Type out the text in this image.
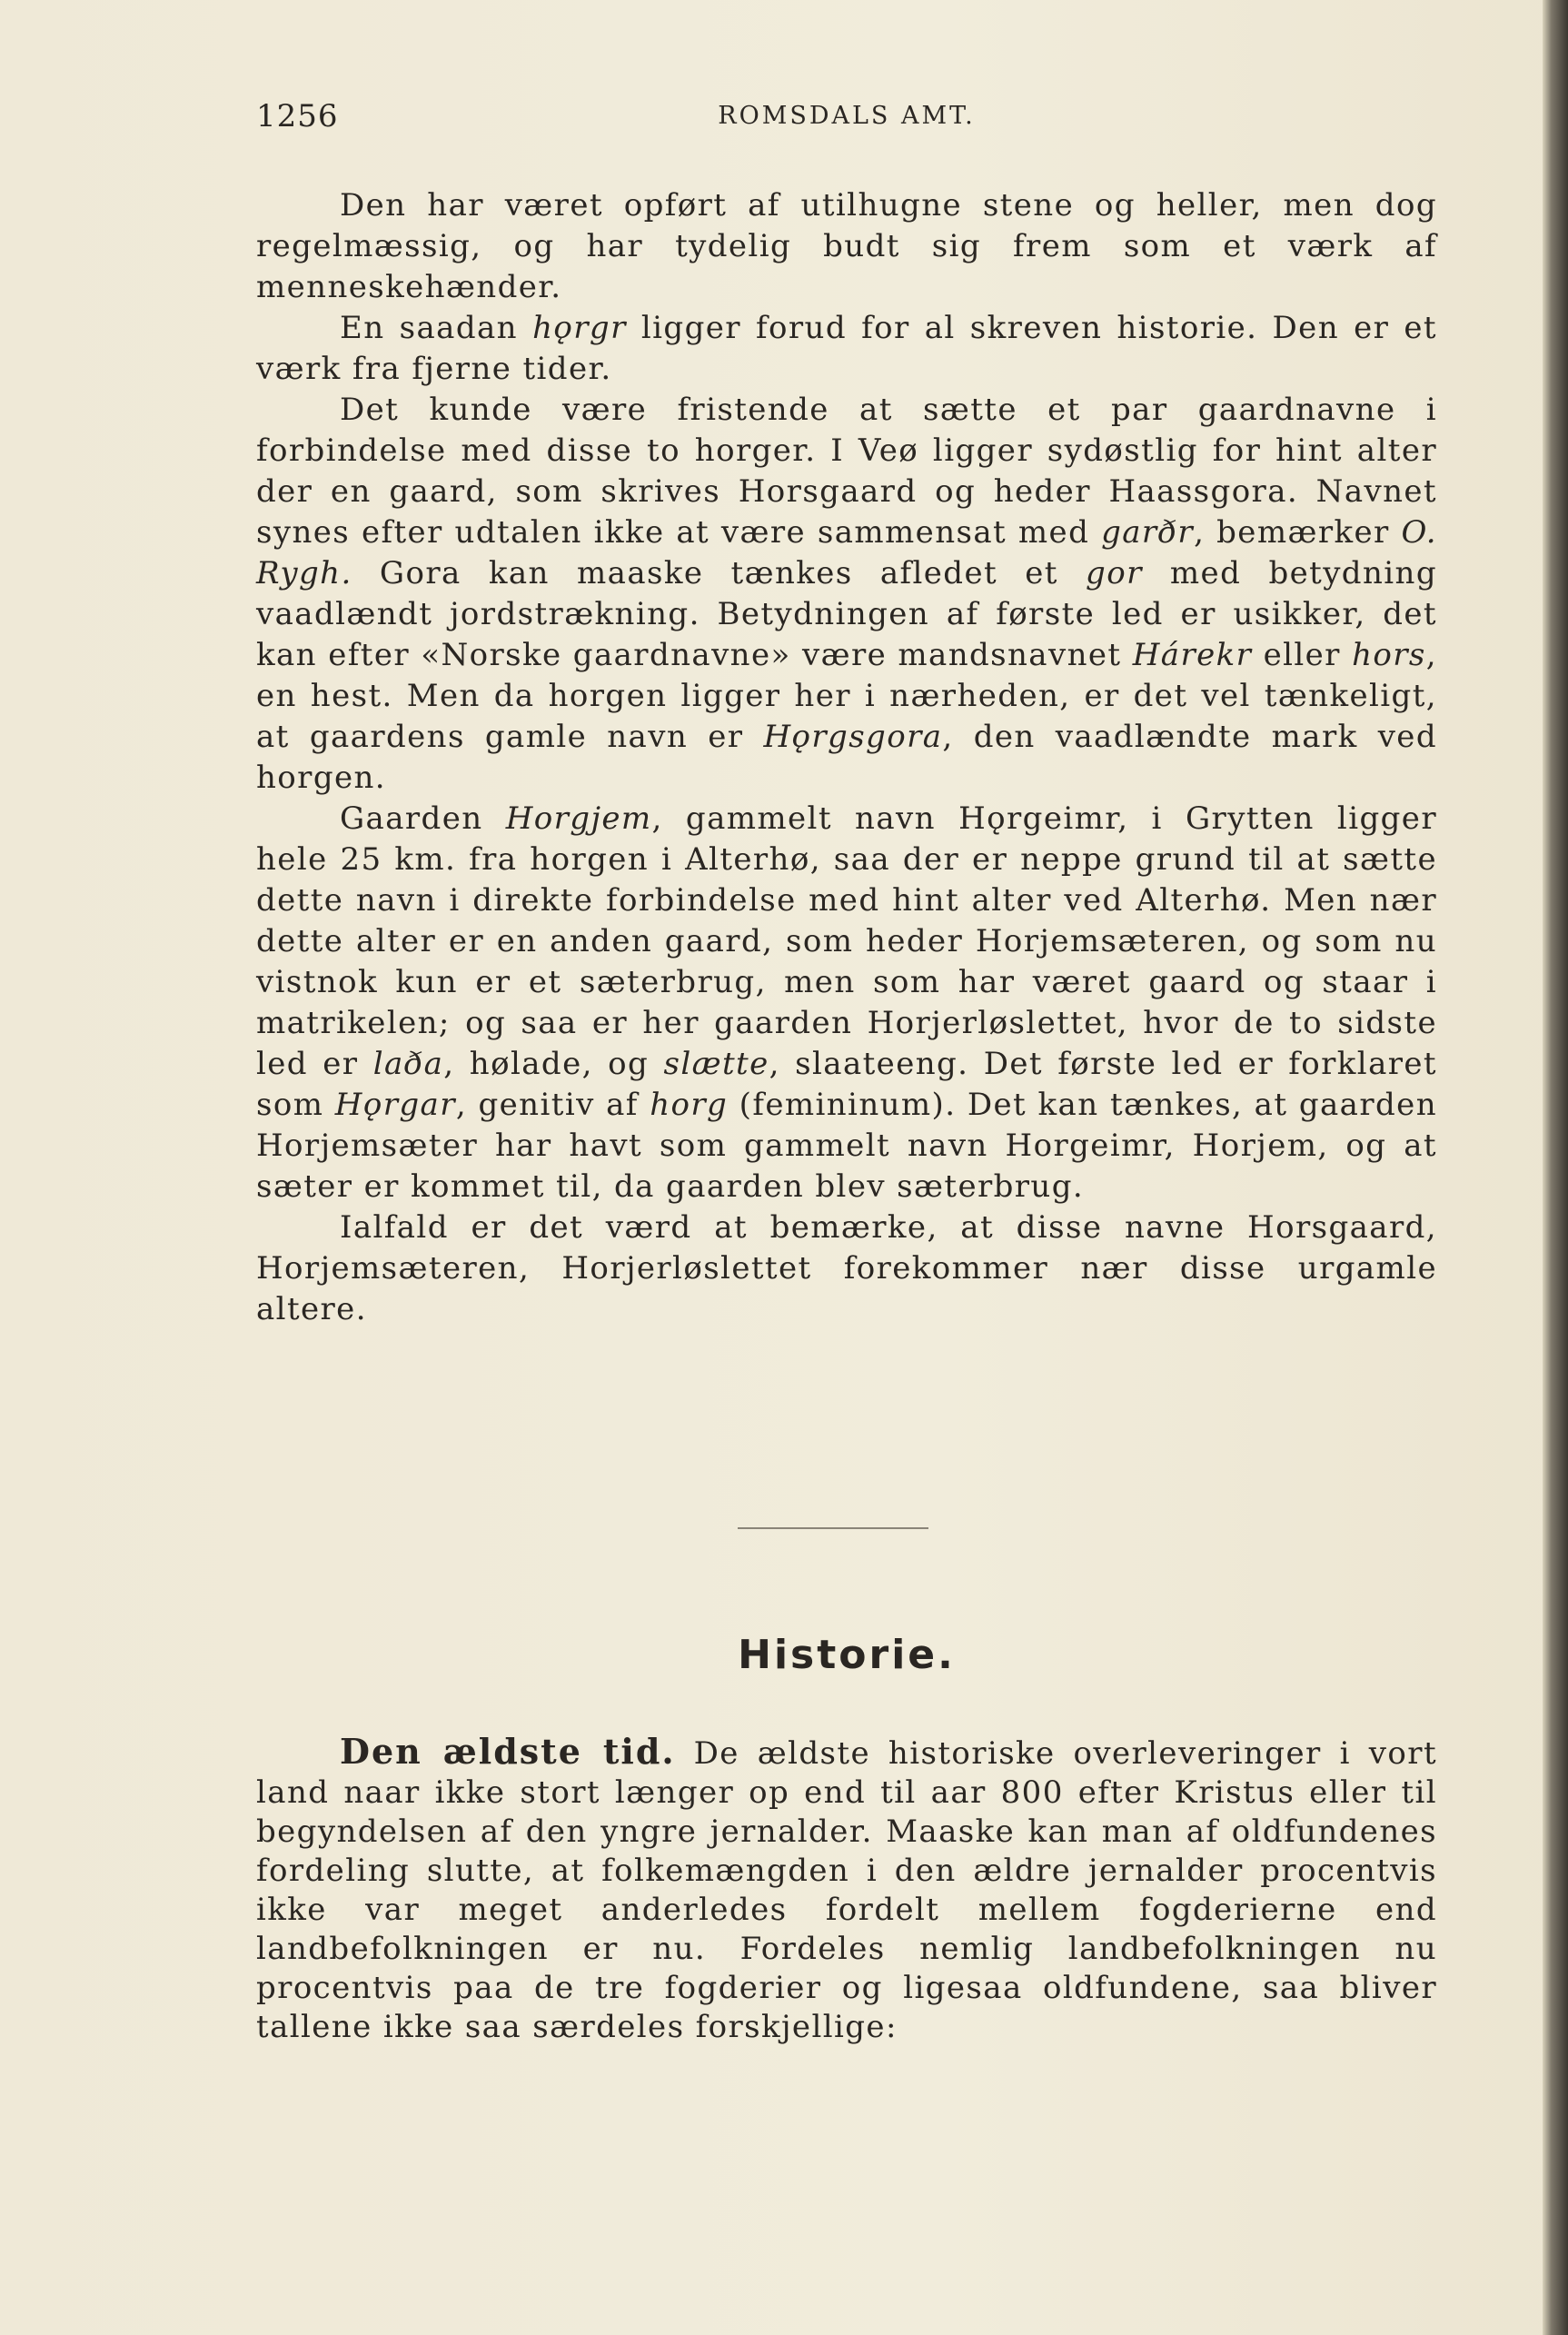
1256	ROMSDALS AMT.

Den har været opført af utilhugne stene og heller, men dog regelmæssig, og har tydelig budt sig frem som et værk af menneskehænder.

En saadan hǫrgr ligger forud for al skreven historie. Den er et værk fra fjerne tider.

Det kunde være fristende at sætte et par gaardnavne i forbindelse med disse to horger. I Veø ligger sydøstlig for hint alter der en gaard, som skrives Horsgaard og heder Haassgora. Navnet synes efter udtalen ikke at være sammensat med garðr, bemærker O. Rygh. Gora kan maaske tænkes afledet et gor med betydning vaadlændt jordstrækning. Betydningen af første led er usikker, det kan efter «Norske gaardnavne» være mandsnavnet Hárekr eller hors, en hest. Men da horgen ligger her i nærheden, er det vel tænkeligt, at gaardens gamle navn er Hǫrgsgora, den vaadlændte mark ved horgen.

Gaarden Horgjem, gammelt navn Hǫrgeimr, i Grytten ligger hele 25 km. fra horgen i Alterhø, saa der er neppe grund til at sætte dette navn i direkte forbindelse med hint alter ved Alterhø. Men nær dette alter er en anden gaard, som heder Horjemsæteren, og som nu vistnok kun er et sæterbrug, men som har været gaard og staar i matrikelen; og saa er her gaarden Horjerløslettet, hvor de to sidste led er laða, hølade, og slætte, slaateeng. Det første led er forklaret som Hǫrgar, genitiv af horg (femininum). Det kan tænkes, at gaarden Horjemsæter har havt som gammelt navn Horgeimr, Horjem, og at sæter er kommet til, da gaarden blev sæterbrug.

Ialfald er det værd at bemærke, at disse navne Horsgaard, Horjemsæteren, Horjerløslettet forekommer nær disse urgamle altere.

Historie.

Den ældste tid. De ældste historiske overleveringer i vort land naar ikke stort længer op end til aar 800 efter Kristus eller til begyndelsen af den yngre jernalder. Maaske kan man af oldfundenes fordeling slutte, at folkemængden i den ældre jernalder procentvis ikke var meget anderledes fordelt mellem fogderierne end landbefolkningen er nu. Fordeles nemlig landbefolkningen nu procentvis paa de tre fogderier og ligesaa oldfundene, saa bliver tallene ikke saa særdeles forskjellige:
